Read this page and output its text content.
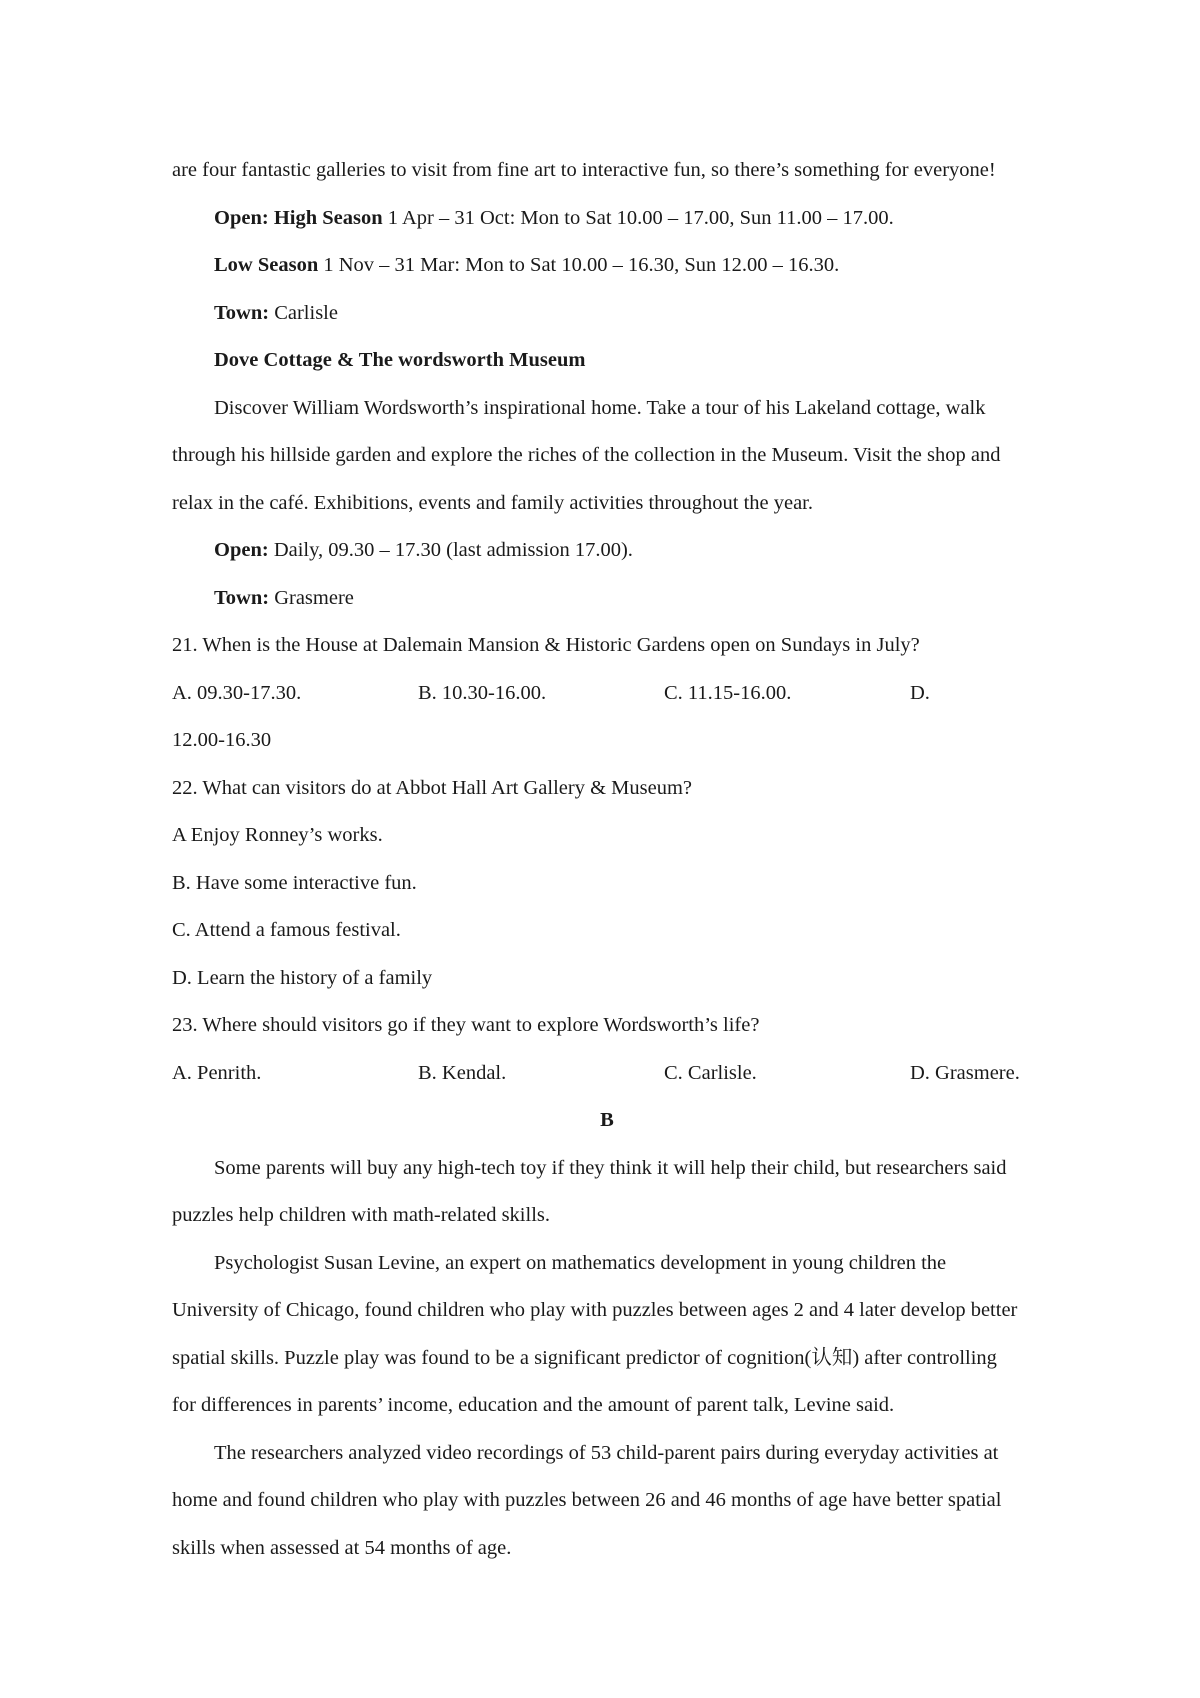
are four fantastic galleries to visit from fine art to interactive fun, so there’s something for everyone!
Open: High Season 1 Apr – 31 Oct: Mon to Sat 10.00 – 17.00, Sun 11.00 – 17.00.
Low Season 1 Nov – 31 Mar: Mon to Sat 10.00 – 16.30, Sun 12.00 – 16.30.
Town: Carlisle
Dove Cottage & The wordsworth Museum
Discover William Wordsworth’s inspirational home. Take a tour of his Lakeland cottage, walk
through his hillside garden and explore the riches of the collection in the Museum. Visit the shop and
relax in the café. Exhibitions, events and family activities throughout the year.
Open: Daily, 09.30 – 17.30 (last admission 17.00).
Town: Grasmere
21. When is the House at Dalemain Mansion & Historic Gardens open on Sundays in July?
A. 09.30-17.30.	B. 10.30-16.00.	C. 11.15-16.00.	D.
12.00-16.30
22. What can visitors do at Abbot Hall Art Gallery & Museum?
A Enjoy Ronney’s works.
B. Have some interactive fun.
C. Attend a famous festival.
D. Learn the history of a family
23. Where should visitors go if they want to explore Wordsworth’s life?
A. Penrith.	B. Kendal.	C. Carlisle.	D. Grasmere.
B
Some parents will buy any high-tech toy if they think it will help their child, but researchers said
puzzles help children with math-related skills.
Psychologist Susan Levine, an expert on mathematics development in young children the
University of Chicago, found children who play with puzzles between ages 2 and 4 later develop better
spatial skills. Puzzle play was found to be a significant predictor of cognition(认知) after controlling
for differences in parents’ income, education and the amount of parent talk, Levine said.
The researchers analyzed video recordings of 53 child-parent pairs during everyday activities at
home and found children who play with puzzles between 26 and 46 months of age have better spatial
skills when assessed at 54 months of age.
